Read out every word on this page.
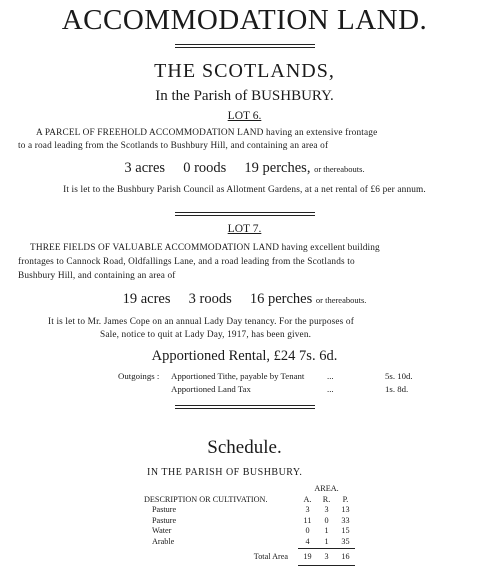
ACCOMMODATION LAND.
THE SCOTLANDS,
In the Parish of BUSHBURY.
LOT 6.
A PARCEL OF FREEHOLD ACCOMMODATION LAND having an extensive frontage
to a road leading from the Scotlands to Bushbury Hill, and containing an area of
3 acres 0 roods 19 perches, or thereabouts.
It is let to the Bushbury Parish Council as Allotment Gardens, at a net rental of £6 per annum.
LOT 7.
THREE FIELDS OF VALUABLE ACCOMMODATION LAND having excellent building
frontages to Cannock Road, Oldfallings Lane, and a road leading from the Scotlands to
Bushbury Hill, and containing an area of
19 acres 3 roods 16 perches or thereabouts.
It is let to Mr. James Cope on an annual Lady Day tenancy. For the purposes of
Sale, notice to quit at Lady Day, 1917, has been given.
Apportioned Rental, £24 7s. 6d.
Outgoings : Apportioned Tithe, payable by Tenant	...	5s. 10d.
Apportioned Land Tax	...	1s. 8d.
Schedule.
IN THE PARISH OF BUSHBURY.
	AREA.		
DESCRIPTION OR CULTIVATION.	A.	R.	P.
Pasture	3	3	13
Pasture	11	0	33
Water	0	1	15
Arable	4	1	35
Total Area	19	3	16
